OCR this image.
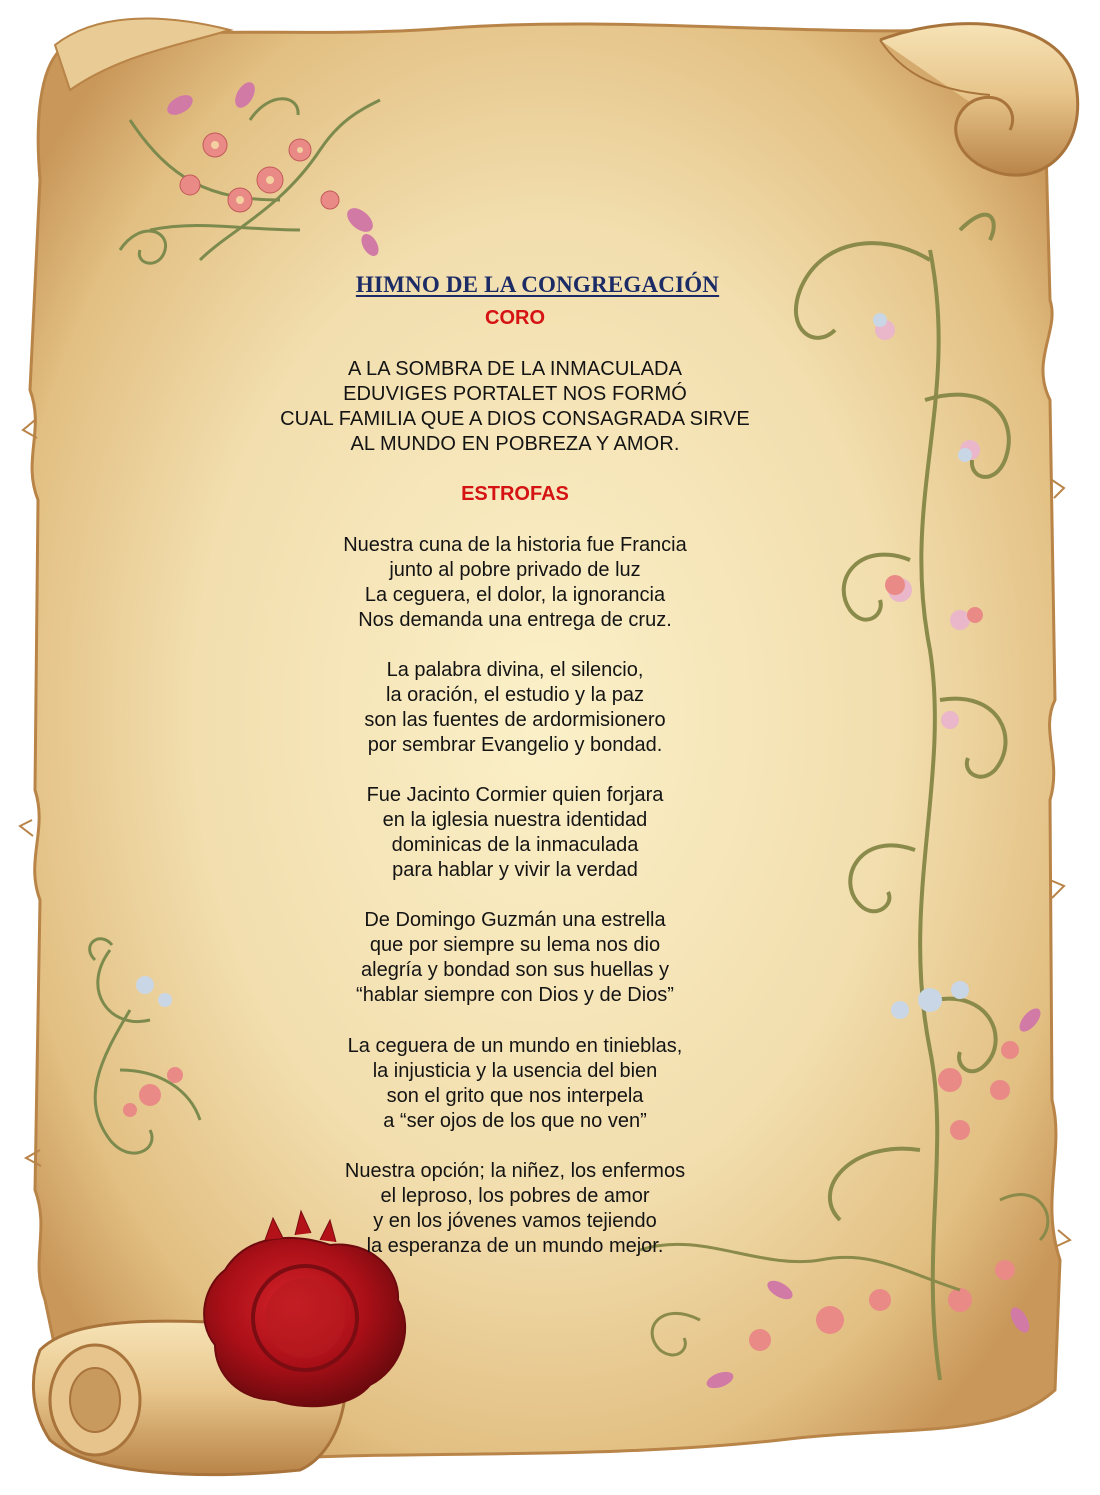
HIMNO DE LA CONGREGACIÓN
CORO
A LA SOMBRA DE LA INMACULADA
EDUVIGES PORTALET NOS FORMÓ
CUAL FAMILIA QUE A DIOS CONSAGRADA SIRVE
AL MUNDO EN POBREZA Y AMOR.
ESTROFAS
Nuestra cuna de la historia fue Francia
junto al pobre privado de luz
La ceguera, el dolor, la ignorancia
Nos demanda una entrega de cruz.
La palabra divina, el silencio,
la oración, el estudio y la paz
son las fuentes de ardormisionero
por sembrar Evangelio y bondad.
Fue Jacinto Cormier quien forjara
en la iglesia nuestra identidad
dominicas de la inmaculada
para hablar y vivir la verdad
De Domingo Guzmán una estrella
que por siempre su lema nos dio
alegría y bondad son sus huellas y
“hablar siempre con Dios y de Dios”
La ceguera de un mundo en tinieblas,
la injusticia y la usencia del bien
son el grito que nos interpela
a “ser ojos de los que no ven”
Nuestra opción; la niñez, los enfermos
el leproso, los pobres de amor
y en los jóvenes vamos tejiendo
la esperanza de un mundo mejor.
